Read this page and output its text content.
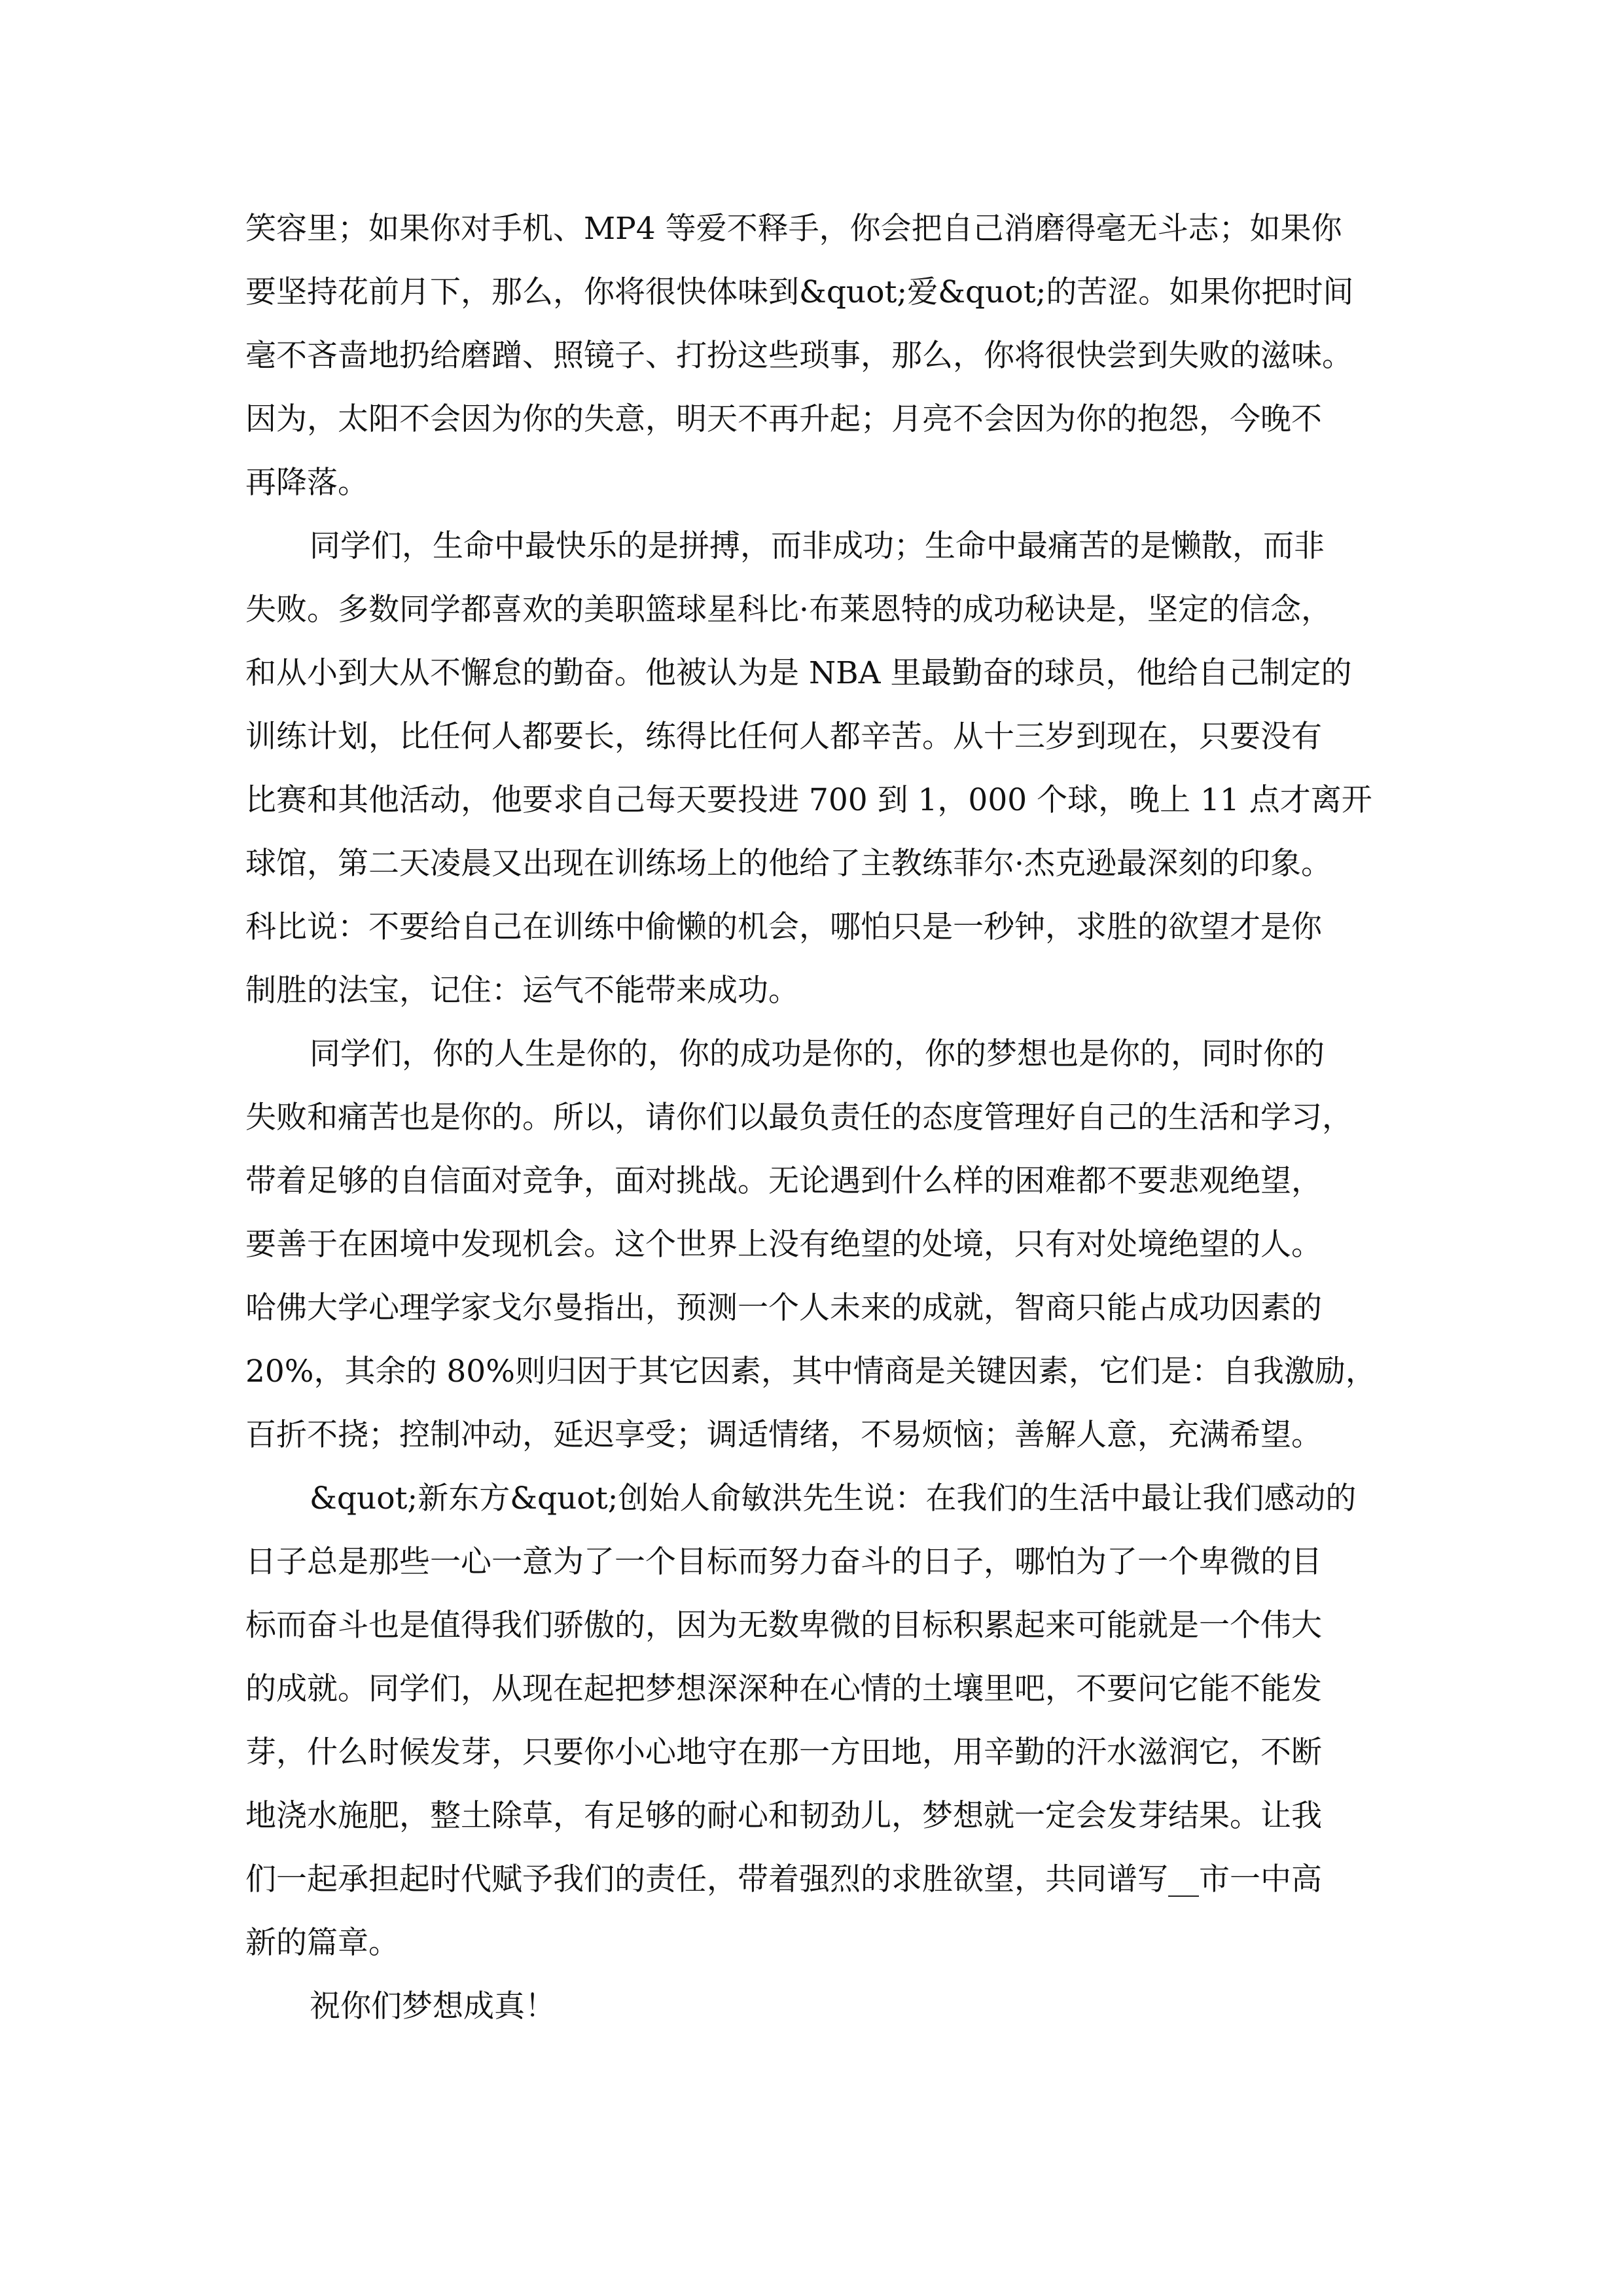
笑容里；如果你对手机、MP4 等爱不释手，你会把自己消磨得毫无斗志；如果你
要坚持花前月下，那么，你将很快体味到&quot;爱&quot;的苦涩。如果你把时间
毫不吝啬地扔给磨蹭、照镜子、打扮这些琐事，那么，你将很快尝到失败的滋味。
因为，太阳不会因为你的失意，明天不再升起；月亮不会因为你的抱怨，今晚不
再降落。
同学们，生命中最快乐的是拼搏，而非成功；生命中最痛苦的是懒散，而非
失败。多数同学都喜欢的美职篮球星科比·布莱恩特的成功秘诀是，坚定的信念，
和从小到大从不懈怠的勤奋。他被认为是 NBA 里最勤奋的球员，他给自己制定的
训练计划，比任何人都要长，练得比任何人都辛苦。从十三岁到现在，只要没有
比赛和其他活动，他要求自己每天要投进 700 到 1，000 个球，晚上 11 点才离开
球馆，第二天凌晨又出现在训练场上的他给了主教练菲尔·杰克逊最深刻的印象。
科比说：不要给自己在训练中偷懒的机会，哪怕只是一秒钟，求胜的欲望才是你
制胜的法宝，记住：运气不能带来成功。
同学们，你的人生是你的，你的成功是你的，你的梦想也是你的，同时你的
失败和痛苦也是你的。所以，请你们以最负责任的态度管理好自己的生活和学习，
带着足够的自信面对竞争，面对挑战。无论遇到什么样的困难都不要悲观绝望，
要善于在困境中发现机会。这个世界上没有绝望的处境，只有对处境绝望的人。
哈佛大学心理学家戈尔曼指出，预测一个人未来的成就，智商只能占成功因素的
20%，其余的 80%则归因于其它因素，其中情商是关键因素，它们是：自我激励，
百折不挠；控制冲动，延迟享受；调适情绪，不易烦恼；善解人意，充满希望。
&quot;新东方&quot;创始人俞敏洪先生说：在我们的生活中最让我们感动的
日子总是那些一心一意为了一个目标而努力奋斗的日子，哪怕为了一个卑微的目
标而奋斗也是值得我们骄傲的，因为无数卑微的目标积累起来可能就是一个伟大
的成就。同学们，从现在起把梦想深深种在心情的土壤里吧，不要问它能不能发
芽，什么时候发芽，只要你小心地守在那一方田地，用辛勤的汗水滋润它，不断
地浇水施肥，整土除草，有足够的耐心和韧劲儿，梦想就一定会发芽结果。让我
们一起承担起时代赋予我们的责任，带着强烈的求胜欲望，共同谱写__市一中高
新的篇章。
祝你们梦想成真！
